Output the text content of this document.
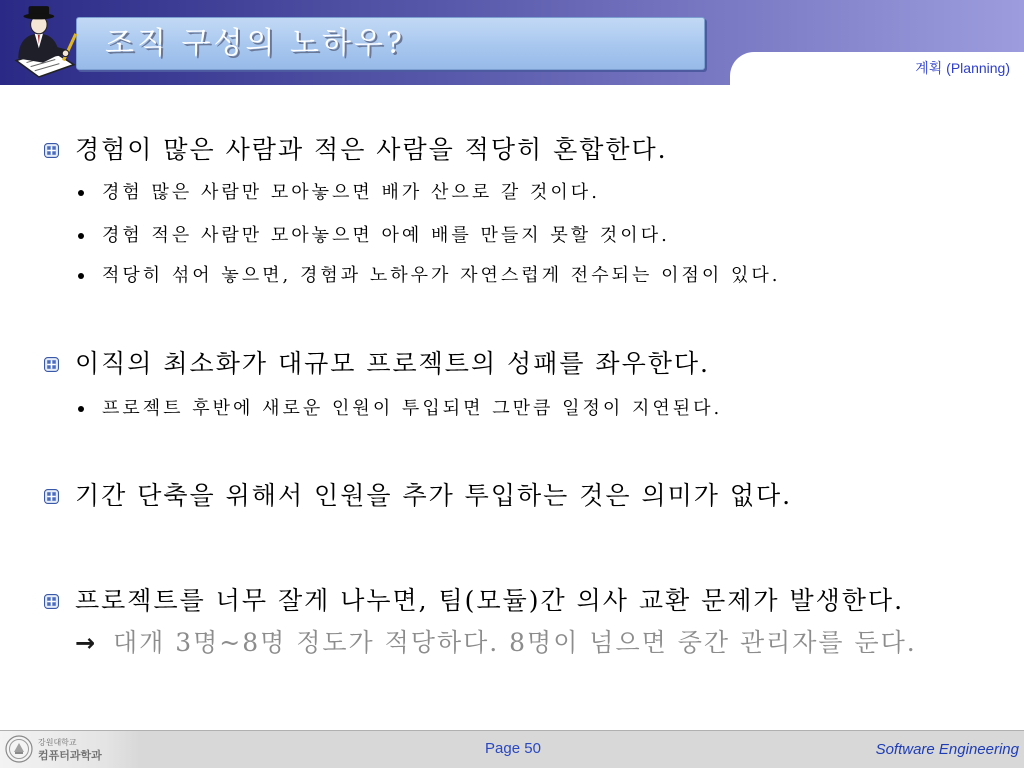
조직 구성의 노하우?
계획 (Planning)
경험이 많은 사람과 적은 사람을 적당히 혼합한다.
경험 많은 사람만 모아놓으면 배가 산으로 갈 것이다.
경험 적은 사람만 모아놓으면 아예 배를 만들지 못할 것이다.
적당히 섞어 놓으면, 경험과 노하우가 자연스럽게 전수되는 이점이 있다.
이직의 최소화가 대규모 프로젝트의 성패를 좌우한다.
프로젝트 후반에 새로운 인원이 투입되면 그만큼 일정이 지연된다.
기간 단축을 위해서 인원을 추가 투입하는 것은 의미가 없다.
프로젝트를 너무 잘게 나누면, 팀(모듈)간 의사 교환 문제가 발생한다.
→ 대개 3명~8명 정도가 적당하다. 8명이 넘으면 중간 관리자를 둔다.
강원대학교
컴퓨터과학과	Page 50	Software Engineering
